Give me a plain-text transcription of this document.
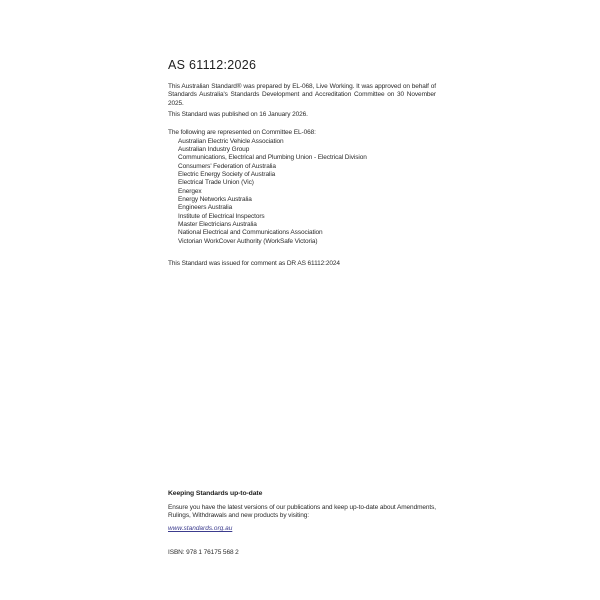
AS 61112:2026
This Australian Standard® was prepared by EL-068, Live Working. It was approved on behalf of Standards Australia's Standards Development and Accreditation Committee on 30 November 2025.
This Standard was published on 16 January 2026.
The following are represented on Committee EL-068:
Australian Electric Vehicle Association
Australian Industry Group
Communications, Electrical and Plumbing Union - Electrical Division
Consumers' Federation of Australia
Electric Energy Society of Australia
Electrical Trade Union (Vic)
Energex
Energy Networks Australia
Engineers Australia
Institute of Electrical Inspectors
Master Electricians Australia
National Electrical and Communications Association
Victorian WorkCover Authority (WorkSafe Victoria)
This Standard was issued for comment as DR AS 61112:2024
Keeping Standards up-to-date
Ensure you have the latest versions of our publications and keep up-to-date about Amendments, Rulings, Withdrawals and new products by visiting:
www.standards.org.au
ISBN: 978 1 76175 568 2
